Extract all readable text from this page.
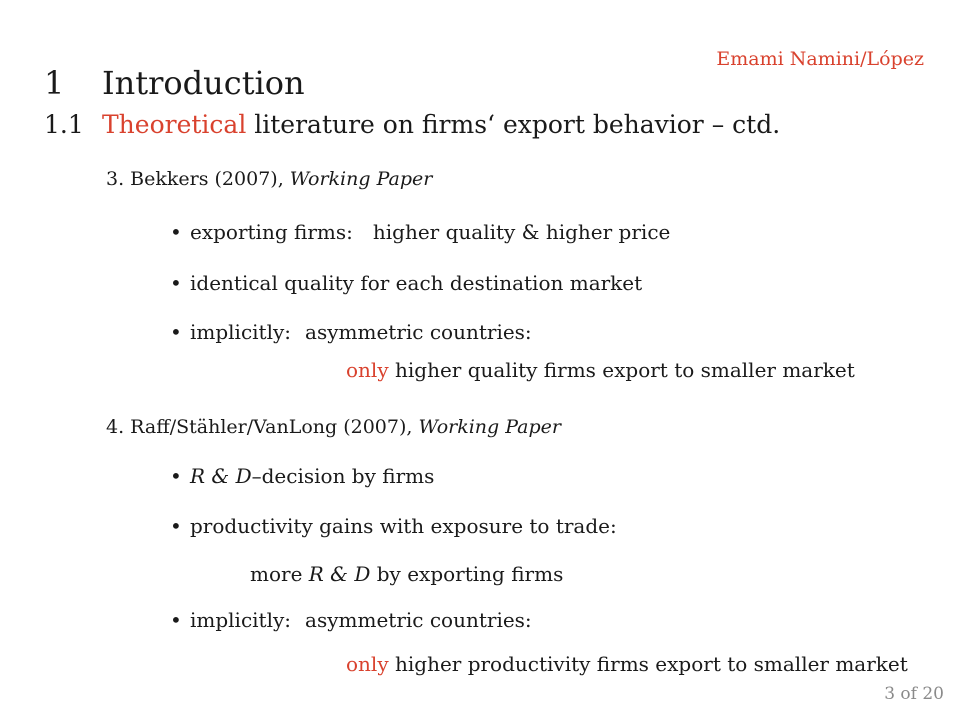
Emami Namini/López
1 Introduction
1.1 Theoretical literature on firms‘ export behavior – ctd.
3. Bekkers (2007), Working Paper
• exporting firms: higher quality & higher price
• identical quality for each destination market
• implicitly: asymmetric countries:
only higher quality firms export to smaller market
4. Raff/Stähler/VanLong (2007), Working Paper
• R & D–decision by firms
• productivity gains with exposure to trade:
more R & D by exporting firms
• implicitly: asymmetric countries:
only higher productivity firms export to smaller market
3 of 20
